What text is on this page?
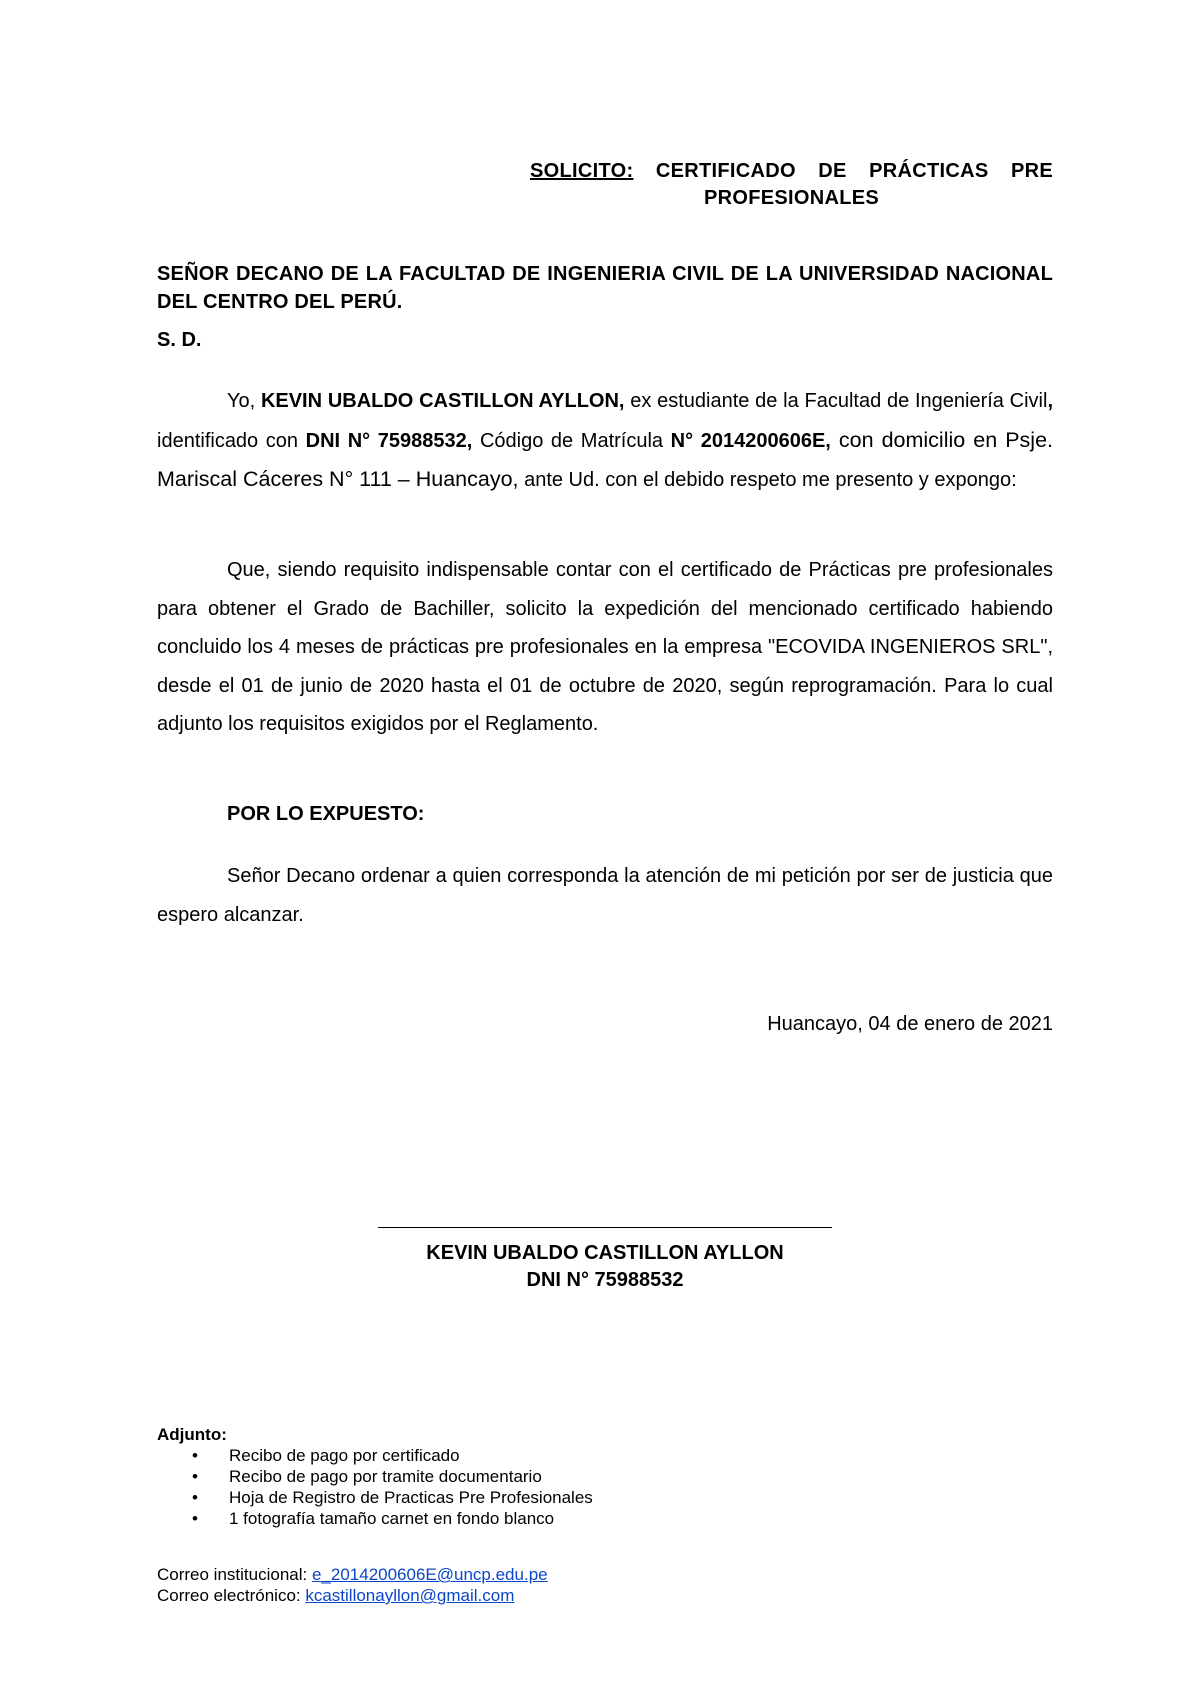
SOLICITO: CERTIFICADO DE PRÁCTICAS PRE
PROFESIONALES
SEÑOR DECANO DE LA FACULTAD DE INGENIERIA CIVIL DE LA UNIVERSIDAD NACIONAL DEL CENTRO DEL PERÚ.
S. D.
Yo, KEVIN UBALDO CASTILLON AYLLON, ex estudiante de la Facultad de Ingeniería Civil, identificado con DNI N° 75988532, Código de Matrícula N° 2014200606E, con domicilio en Psje. Mariscal Cáceres N° 111 – Huancayo, ante Ud. con el debido respeto me presento y expongo:
Que, siendo requisito indispensable contar con el certificado de Prácticas pre profesionales para obtener el Grado de Bachiller, solicito la expedición del mencionado certificado habiendo concluido los 4 meses de prácticas pre profesionales en la empresa "ECOVIDA INGENIEROS SRL", desde el 01 de junio de 2020 hasta el 01 de octubre de 2020, según reprogramación. Para lo cual adjunto los requisitos exigidos por el Reglamento.
POR LO EXPUESTO:
Señor Decano ordenar a quien corresponda la atención de mi petición por ser de justicia que espero alcanzar.
Huancayo, 04 de enero de 2021
KEVIN UBALDO CASTILLON AYLLON
DNI N° 75988532
Adjunto:
• Recibo de pago por certificado
• Recibo de pago por tramite documentario
• Hoja de Registro de Practicas Pre Profesionales
• 1 fotografía tamaño carnet en fondo blanco
Correo institucional: e_2014200606E@uncp.edu.pe
Correo electrónico: kcastillonayllon@gmail.com
